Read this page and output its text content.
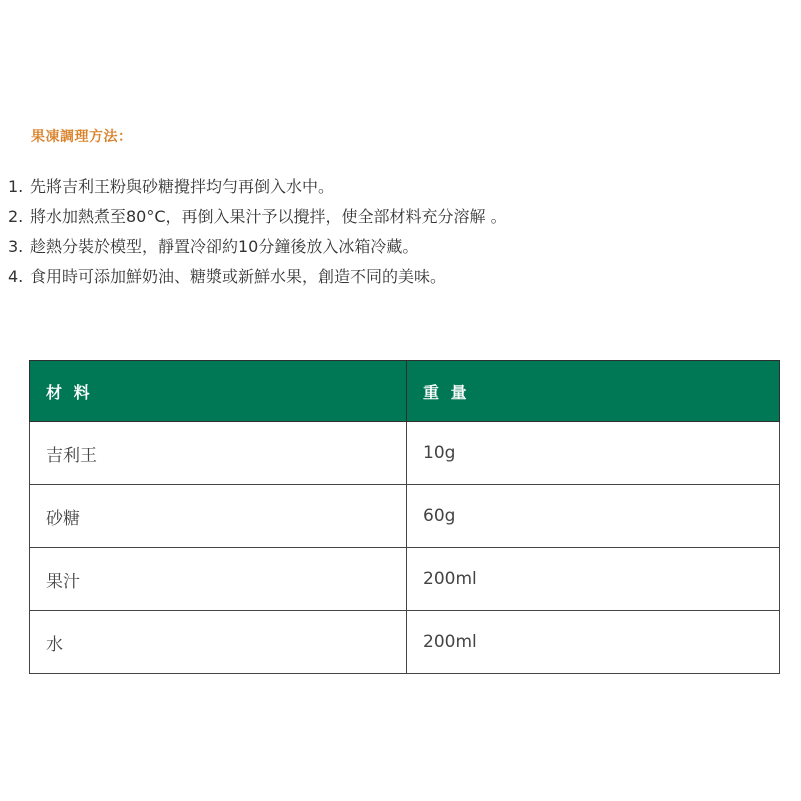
果凍調理方法：
1. 先將吉利王粉與砂糖攪拌均勻再倒入水中。
2. 將水加熱煮至80°C，再倒入果汁予以攪拌，使全部材料充分溶解 。
3. 趁熱分裝於模型，靜置冷卻約10分鐘後放入冰箱冷藏。
4. 食用時可添加鮮奶油、糖漿或新鮮水果，創造不同的美味。
材 料	重 量
吉利王	10g
砂糖	60g
果汁	200ml
水	200ml
